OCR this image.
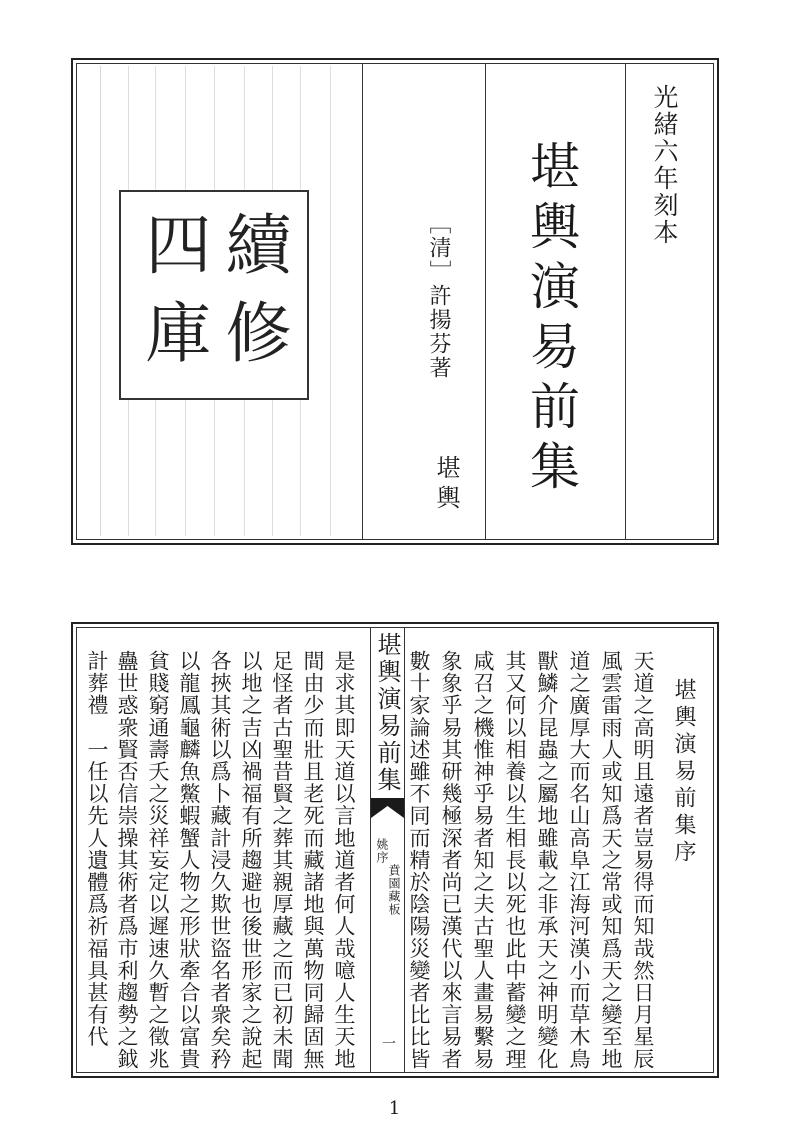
續修
四庫
光緒六年刻本
堪輿演易前集
［清］許揚芬著
堪輿
堪輿演易前集
姚序
賁園藏板
一
堪輿演易前集序
天道之高明且遠者豈易得而知哉然日月星辰
風雲雷雨人或知爲天之常或知爲天之變至地
道之廣厚大而名山高阜江海河漢小而草木鳥
獸鱗介昆蟲之屬地雖載之非承天之神明變化
其又何以相養以生相長以死也此中蓄變之理
咸召之機惟神乎易者知之夫古聖人畫易繫易
象象乎易其研幾極深者尚已漢代以來言易者
數十家論述雖不同而精於陰陽災變者比比皆
是求其即天道以言地道者何人哉噫人生天地
間由少而壯且老死而藏諸地與萬物同歸固無
足怪者古聖昔賢之葬其親厚藏之而已初未聞
以地之吉凶禍福有所趨避也後世形家之說起
各挾其術以爲卜藏計浸久欺世盜名者衆矣矜
以龍鳳龜麟魚鱉蝦蟹人物之形狀牽合以富貴
貧賤窮通壽夭之災祥妄定以遲速久暫之徵兆
蠱世惑衆賢否信崇操其術者爲市利趨勢之鉞
計葬禮　一任以先人遺體爲祈福具甚有代
1
